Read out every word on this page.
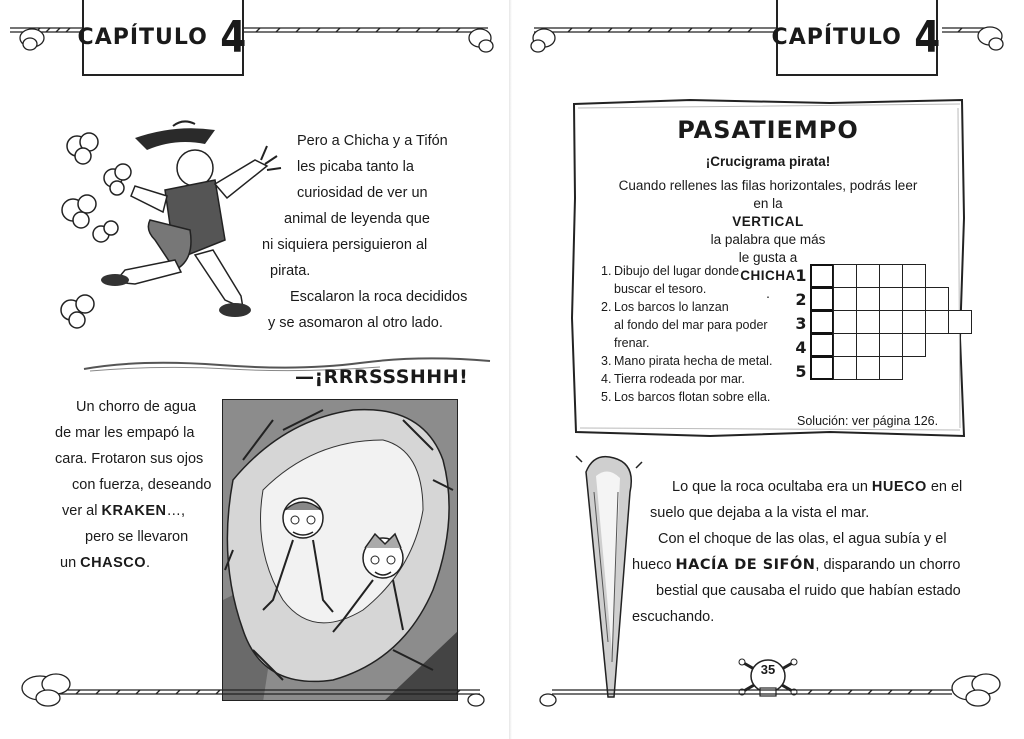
CAPÍTULO 4
Pero a Chicha y a Tifón
les picaba tanto la
curiosidad de ver un
animal de leyenda que
ni siquiera persiguieron al
pirata.
Escalaron la roca decididos
y se asomaron al otro lado.
—¡RRRSSSHHH!
Un chorro de agua
de mar les empapó la
cara. Frotaron sus ojos
con fuerza, deseando
ver al KRAKEN…,
pero se llevaron
un CHASCO.
CAPÍTULO 4
PASATIEMPO
¡Crucigrama pirata!
Cuando rellenes las filas horizontales, podrás leer
en la
VERTICAL
la palabra que más
le gusta a
CHICHA
.
1. Dibujo del lugar donde
buscar el tesoro.
2. Los barcos lo lanzan
al fondo del mar para poder
frenar.
3. Mano pirata hecha de metal.
4. Tierra rodeada por mar.
5. Los barcos flotan sobre ella.
1
2
3
4
5
Solución: ver página 126.
Lo que la roca ocultaba era un HUECO en el
suelo que dejaba a la vista el mar.
Con el choque de las olas, el agua subía y el
hueco HACÍA DE SIFÓN, disparando un chorro
bestial que causaba el ruido que habían estado
escuchando.
35
